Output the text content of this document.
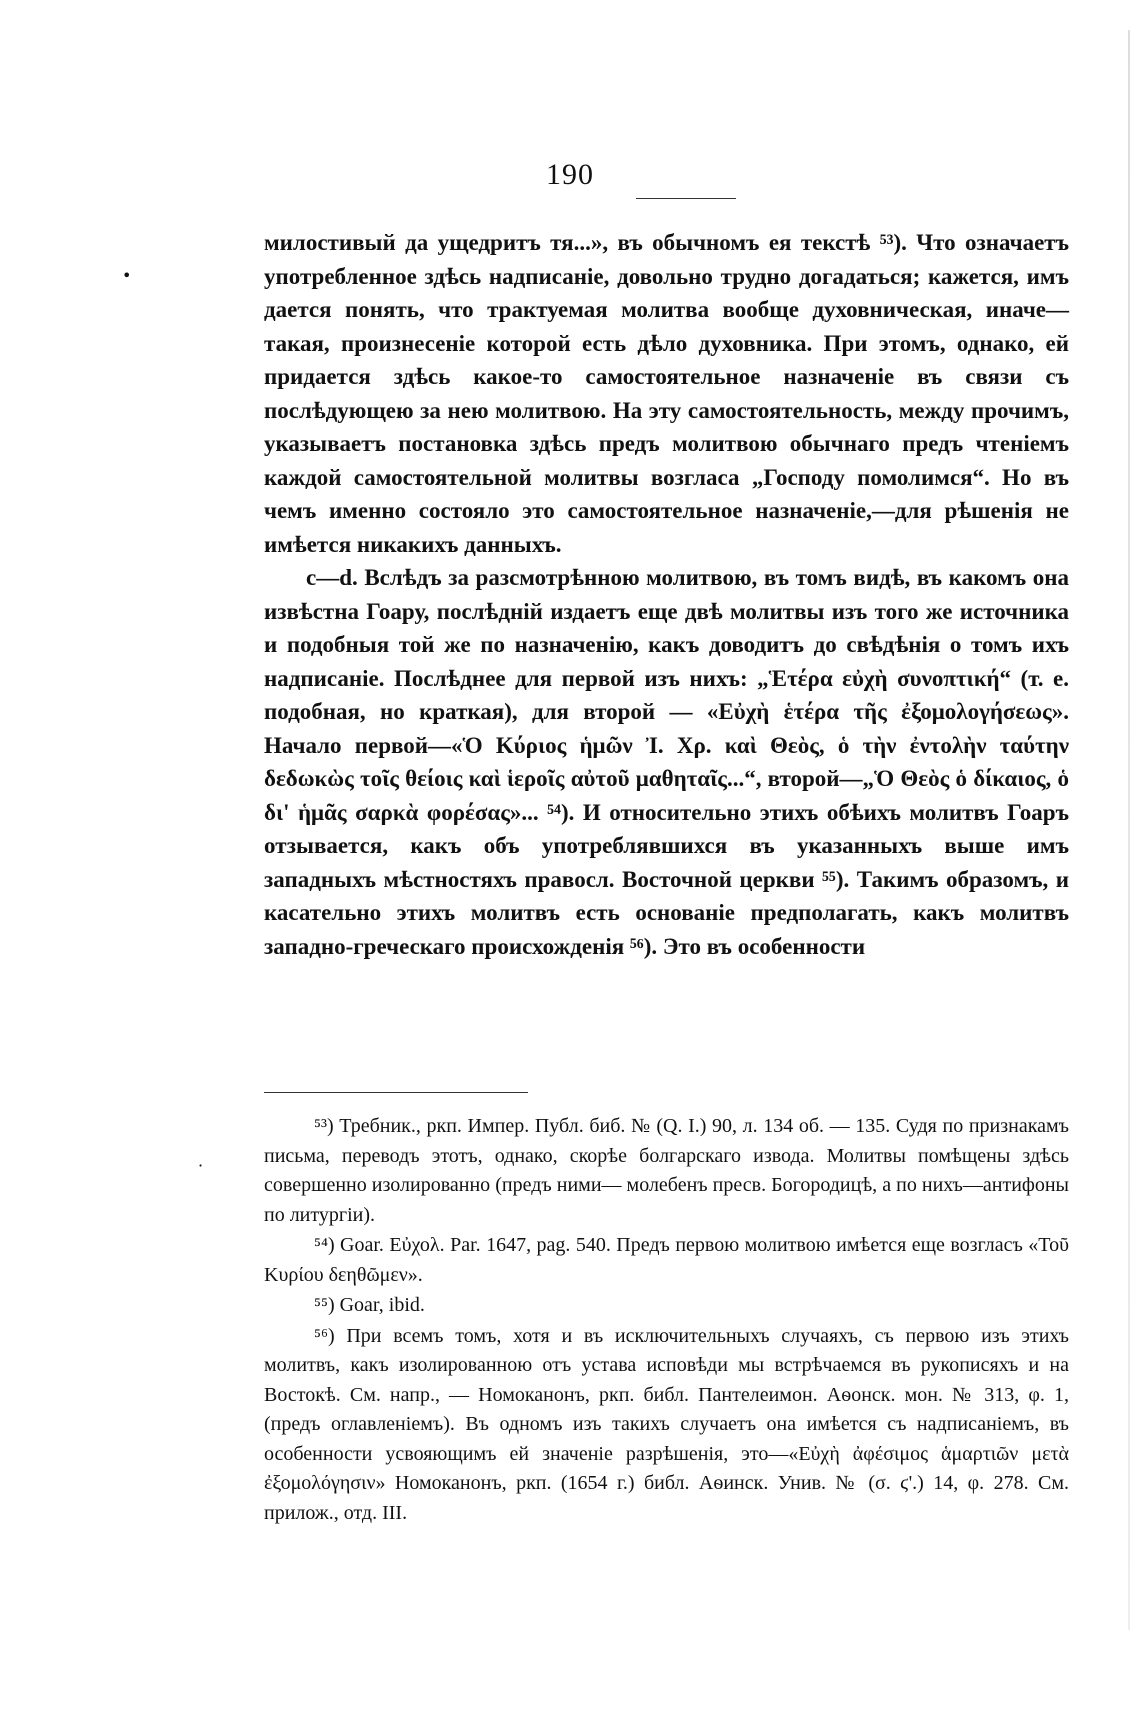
190
•
·

милостивый да ущедритъ тя...», въ обычномъ ея текстѣ ⁵³). Что означаетъ употребленное здѣсь надписаніе, довольно трудно догадаться; кажется, имъ дается понять, что трактуемая молитва вообще духовническая, иначе—такая, произнесеніе которой есть дѣло духовника. При этомъ, однако, ей придается здѣсь какое-то самостоятельное назначеніе въ связи съ послѣдующею за нею молитвою. На эту самостоятельность, между прочимъ, указываетъ постановка здѣсь предъ молитвою обычнаго предъ чтеніемъ каждой самостоятельной молитвы возгласа „Господу помолимся“. Но въ чемъ именно состояло это самостоятельное назначеніе,—для рѣшенія не имѣется никакихъ данныхъ.

c—d. Вслѣдъ за разсмотрѣнною молитвою, въ томъ видѣ, въ какомъ она извѣстна Гоару, послѣдній издаетъ еще двѣ молитвы изъ того же источника и подобныя той же по назначенію, какъ доводитъ до свѣдѣнія о томъ ихъ надписаніе. Послѣднее для первой изъ нихъ: „Ἑτέρα εὐχὴ συνοπτική“ (т. е. подобная, но краткая), для второй — «Εὐχὴ ἑτέρα τῆς ἐξομολογήσεως». Начало первой—«Ὁ Κύριος ἡμῶν Ἰ. Χρ. καὶ Θεὸς, ὁ τὴν ἐντολὴν ταύτην δεδωκὼς τοῖς θείοις καὶ ἱεροῖς αὐτοῦ μαθηταῖς...“, второй—„Ὁ Θεὸς ὁ δίκαιος, ὁ δι' ἡμᾶς σαρκὰ φορέσας»... ⁵⁴). И относительно этихъ обѣихъ молитвъ Гоаръ отзывается, какъ объ употреблявшихся въ указанныхъ выше имъ западныхъ мѣстностяхъ правосл. Восточной церкви ⁵⁵). Такимъ образомъ, и касательно этихъ молитвъ есть основаніе предполагать, какъ молитвъ западно-греческаго происхожденія ⁵⁶). Это въ особенности

⁵³) Требник., ркп. Импер. Публ. биб. № (Q. I.) 90, л. 134 об. — 135. Судя по признакамъ письма, переводъ этотъ, однако, скорѣе болгарскаго извода. Молитвы помѣщены здѣсь совершенно изолированно (предъ ними— молебенъ пресв. Богородицѣ, а по нихъ—антифоны по литургіи).

⁵⁴) Goar. Εὐχολ. Par. 1647, pag. 540. Предъ первою молитвою имѣется еще возгласъ «Τοῦ Κυρίου δεηθῶμεν».

⁵⁵) Goar, ibid.

⁵⁶) При всемъ томъ, хотя и въ исключительныхъ случаяхъ, съ первою изъ этихъ молитвъ, какъ изолированною отъ устава исповѣди мы встрѣчаемся въ рукописяхъ и на Востокѣ. См. напр., — Номоканонъ, ркп. библ. Пантелеимон. Аѳонск. мон. № 313, φ. 1, (предъ оглавленіемъ). Въ одномъ изъ такихъ случаетъ она имѣется съ надписаніемъ, въ особенности усвояющимъ ей значеніе разрѣшенія, это—«Εὐχὴ ἀφέσιμος ἁμαρτιῶν μετὰ ἐξομολόγησιν» Номоканонъ, ркп. (1654 г.) библ. Аѳинск. Унив. № (σ. ϛ'.) 14, φ. 278. См. прилож., отд. III.
